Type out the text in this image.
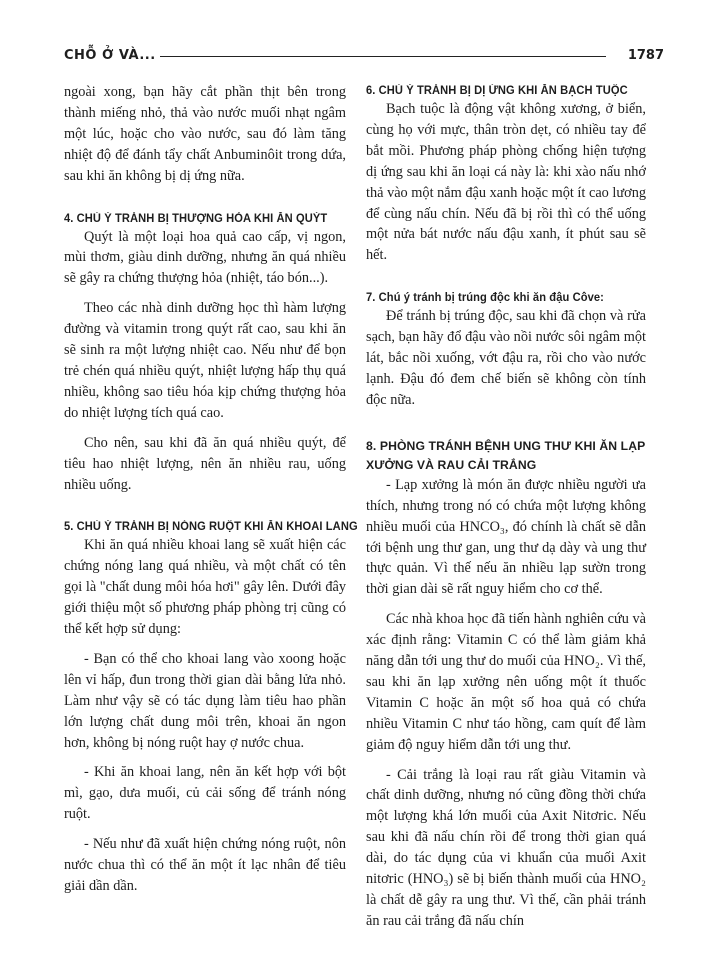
CHỖ Ở VÀ...	1787

ngoài xong, bạn hãy cắt phần thịt bên trong thành miếng nhỏ, thả vào nước muối nhạt ngâm một lúc, hoặc cho vào nước, sau đó làm tăng nhiệt độ để đánh tẩy chất Anbuminôit trong dứa, sau khi ăn không bị dị ứng nữa.

4. CHÚ Ý TRÁNH BỊ THƯỢNG HỎA KHI ĂN QUÝT

Quýt là một loại hoa quả cao cấp, vị ngon, mùi thơm, giàu dinh dưỡng, nhưng ăn quá nhiều sẽ gây ra chứng thượng hỏa (nhiệt, táo bón...).

Theo các nhà dinh dưỡng học thì hàm lượng đường và vitamin trong quýt rất cao, sau khi ăn sẽ sinh ra một lượng nhiệt cao. Nếu như để bọn trẻ chén quá nhiều quýt, nhiệt lượng hấp thụ quá nhiều, không sao tiêu hóa kịp chứng thượng hỏa do nhiệt lượng tích quá cao.

Cho nên, sau khi đã ăn quá nhiều quýt, để tiêu hao nhiệt lượng, nên ăn nhiều rau, uống nhiều uống.

5. CHÚ Ý TRÁNH BỊ NÓNG RUỘT KHI ĂN KHOAI LANG

Khi ăn quá nhiều khoai lang sẽ xuất hiện các chứng nóng lang quá nhiều, và một chất có tên gọi là "chất dung môi hóa hơi" gây lên. Dưới đây giới thiệu một số phương pháp phòng trị cũng có thể kết hợp sử dụng:

- Bạn có thể cho khoai lang vào xoong hoặc lên vỉ hấp, đun trong thời gian dài bằng lửa nhỏ. Làm như vậy sẽ có tác dụng làm tiêu hao phần lớn lượng chất dung môi trên, khoai ăn ngon hơn, không bị nóng ruột hay ợ nước chua.

- Khi ăn khoai lang, nên ăn kết hợp với bột mì, gạo, dưa muối, củ cải sống để tránh nóng ruột.

- Nếu như đã xuất hiện chứng nóng ruột, nôn nước chua thì có thể ăn một ít lạc nhân để tiêu giải dần dần.

6. CHÚ Ý TRÁNH BỊ DỊ ỨNG KHI ĂN BẠCH TUỘC

Bạch tuộc là động vật không xương, ở biển, cùng họ với mực, thân tròn dẹt, có nhiều tay để bắt mồi. Phương pháp phòng chống hiện tượng dị ứng sau khi ăn loại cá này là: khi xào nấu nhớ thả vào một nắm đậu xanh hoặc một ít cao lương để cùng nấu chín. Nếu đã bị rồi thì có thể uống một nửa bát nước nấu đậu xanh, ít phút sau sẽ hết.

7. Chú ý tránh bị trúng độc khi ăn đậu Côve:

Để tránh bị trúng độc, sau khi đã chọn và rửa sạch, bạn hãy đổ đậu vào nồi nước sôi ngâm một lát, bắc nồi xuống, vớt đậu ra, rồi cho vào nước lạnh. Đậu đó đem chế biến sẽ không còn tính độc nữa.

8. PHÒNG TRÁNH BỆNH UNG THƯ KHI ĂN LẠP XƯỞNG VÀ RAU CẢI TRẮNG

- Lạp xưởng là món ăn được nhiều người ưa thích, nhưng trong nó có chứa một lượng không nhiều muối của HNCO₃, đó chính là chất sẽ dẫn tới bệnh ung thư gan, ung thư dạ dày và ung thư thực quản. Vì thế nếu ăn nhiều lạp sườn trong thời gian dài sẽ rất nguy hiểm cho cơ thể.

Các nhà khoa học đã tiến hành nghiên cứu và xác định rằng: Vitamin C có thể làm giảm khả năng dẫn tới ung thư do muối của HNO₂. Vì thế, sau khi ăn lạp xưởng nên uống một ít thuốc Vitamin C hoặc ăn một số hoa quả có chứa nhiều Vitamin C như táo hồng, cam quít để làm giảm độ nguy hiểm dẫn tới ung thư.

- Cải trắng là loại rau rất giàu Vitamin và chất dinh dưỡng, nhưng nó cũng đồng thời chứa một lượng khá lớn muối của Axit Nitơric. Nếu sau khi đã nấu chín rồi để trong thời gian quá dài, do tác dụng của vi khuẩn của muối Axit nitơric (HNO₃) sẽ bị biến thành muối của HNO₂ là chất dễ gây ra ung thư. Vì thế, cần phải tránh ăn rau cải trắng đã nấu chín
